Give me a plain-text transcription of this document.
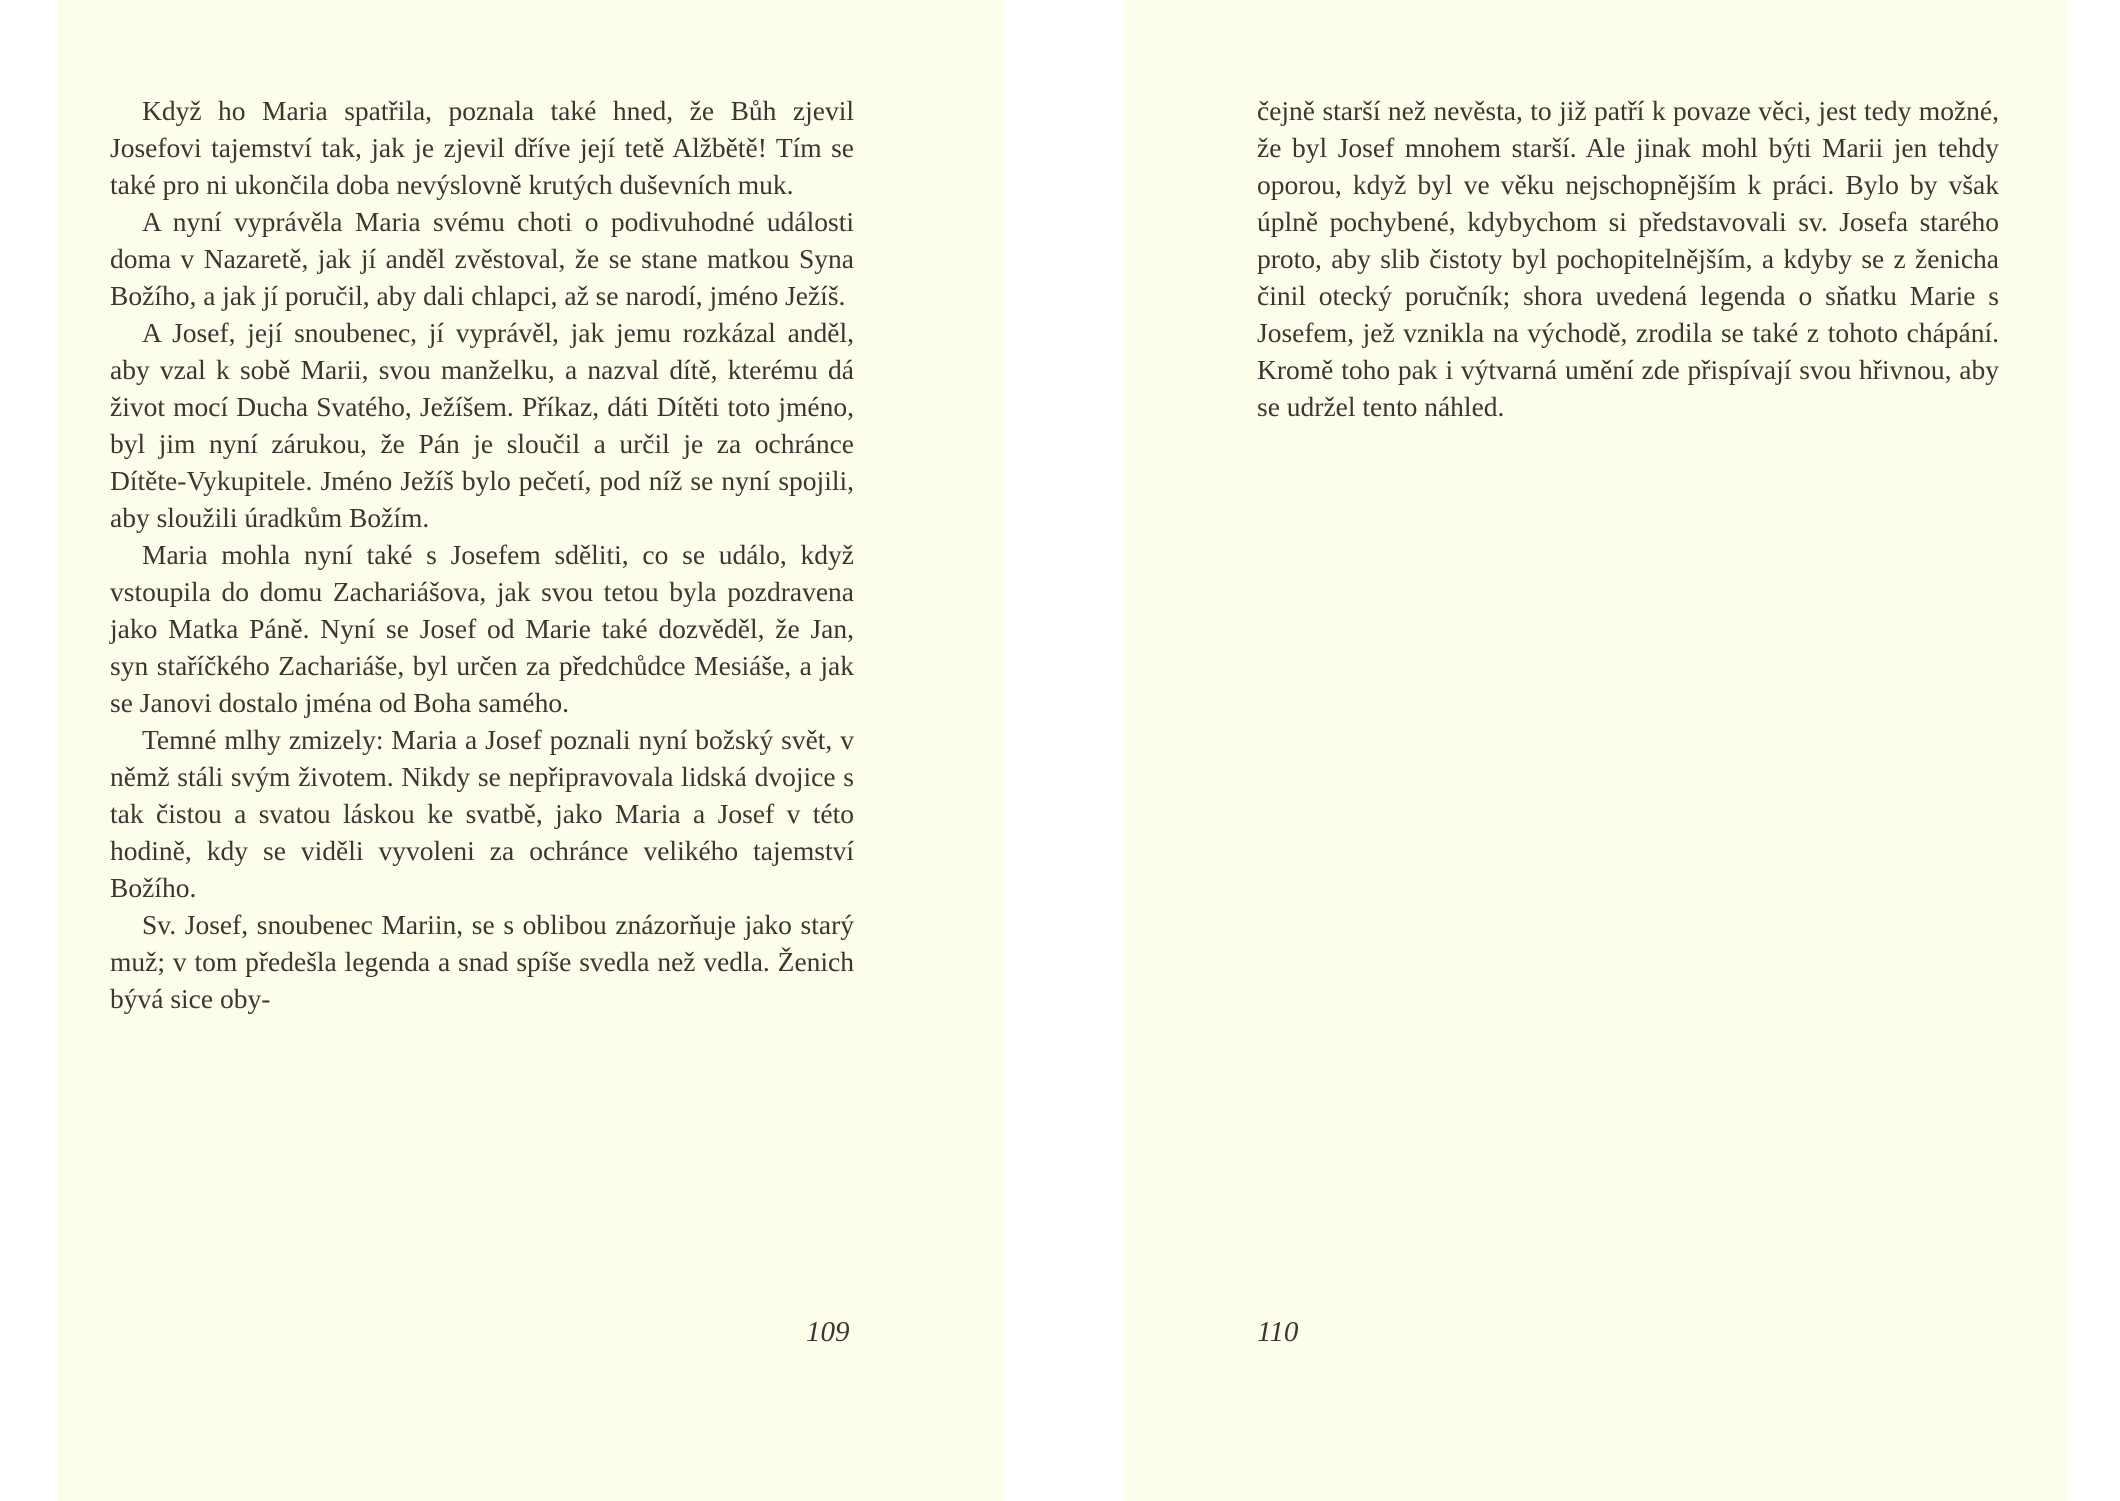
Když ho Maria spatřila, poznala také hned, že Bůh zjevil Josefovi tajemství tak, jak je zjevil dříve její tetě Alžbětě! Tím se také pro ni ukončila doba nevýslovně krutých duševních muk.

A nyní vyprávěla Maria svému choti o podivuhodné události doma v Nazaretě, jak jí anděl zvěstoval, že se stane matkou Syna Božího, a jak jí poručil, aby dali chlapci, až se narodí, jméno Ježíš.

A Josef, její snoubenec, jí vyprávěl, jak jemu rozkázal anděl, aby vzal k sobě Marii, svou manželku, a nazval dítě, kterému dá život mocí Ducha Svatého, Ježíšem. Příkaz, dáti Dítěti toto jméno, byl jim nyní zárukou, že Pán je sloučil a určil je za ochránce Dítěte-Vykupitele. Jméno Ježíš bylo pečetí, pod níž se nyní spojili, aby sloužili úradkům Božím.

Maria mohla nyní také s Josefem sděliti, co se událo, když vstoupila do domu Zachariášova, jak svou tetou byla pozdravena jako Matka Páně. Nyní se Josef od Marie také dozvěděl, že Jan, syn staříčkého Zachariáše, byl určen za předchůdce Mesiáše, a jak se Janovi dostalo jména od Boha samého.

Temné mlhy zmizely: Maria a Josef poznali nyní božský svět, v němž stáli svým životem. Nikdy se nepřipravovala lidská dvojice s tak čistou a svatou láskou ke svatbě, jako Maria a Josef v této hodině, kdy se viděli vyvoleni za ochránce velikého tajemství Božího.

Sv. Josef, snoubenec Mariin, se s oblibou znázorňuje jako starý muž; v tom předešla legenda a snad spíše svedla než vedla. Ženich bývá sice oby-

109

čejně starší než nevěsta, to již patří k povaze věci, jest tedy možné, že byl Josef mnohem starší. Ale jinak mohl býti Marii jen tehdy oporou, když byl ve věku nejschopnějším k práci. Bylo by však úplně pochybené, kdybychom si představovali sv. Josefa starého proto, aby slib čistoty byl pochopitelnějším, a kdyby se z ženicha činil otecký poručník; shora uvedená legenda o sňatku Marie s Josefem, jež vznikla na východě, zrodila se také z tohoto chápání. Kromě toho pak i výtvarná umění zde přispívají svou hřivnou, aby se udržel tento náhled.

110
